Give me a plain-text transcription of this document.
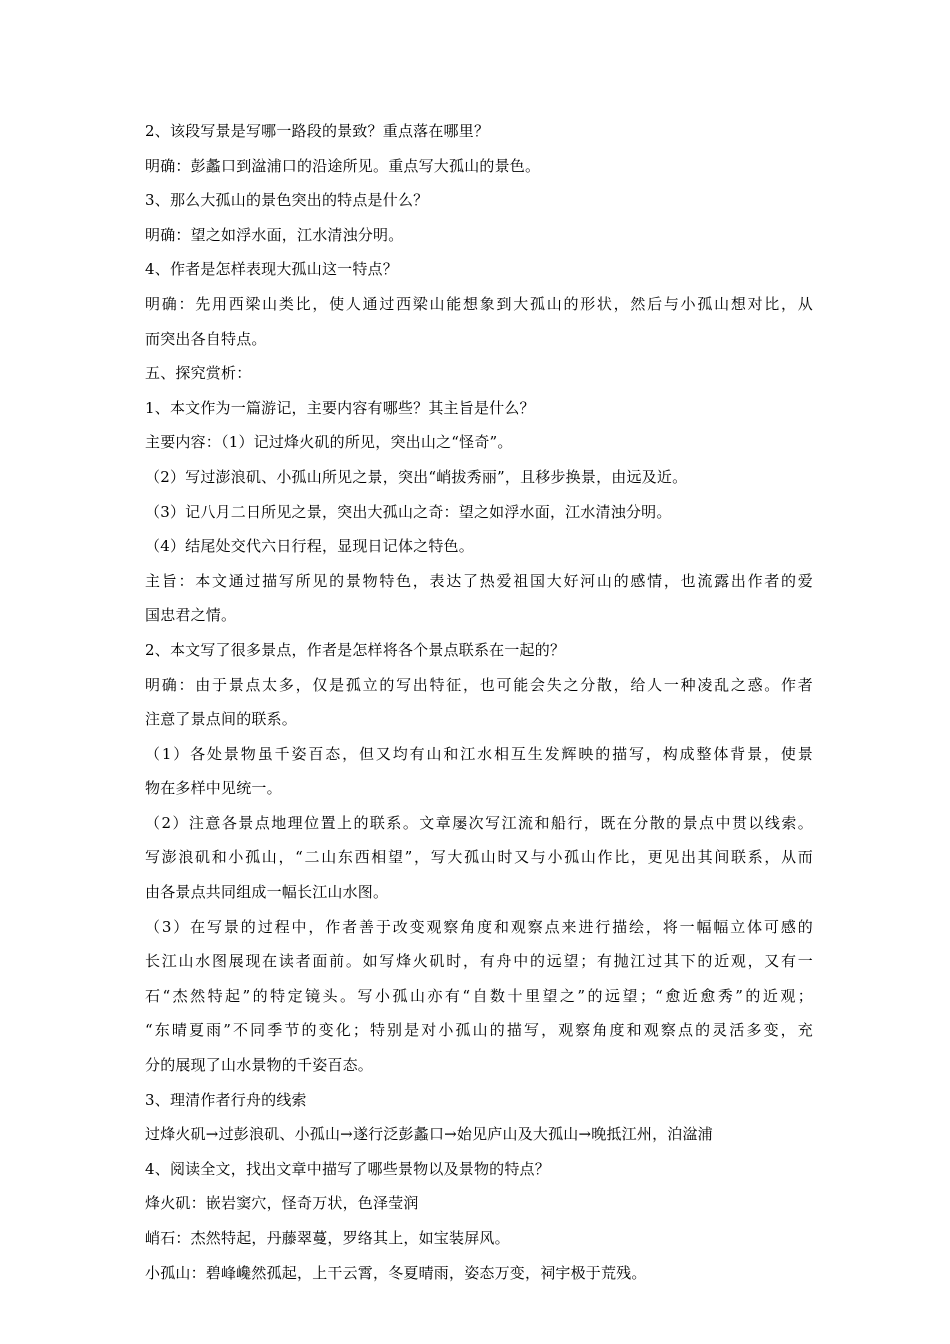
2、该段写景是写哪一路段的景致？重点落在哪里？
明确：彭蠡口到湓浦口的沿途所见。重点写大孤山的景色。
3、那么大孤山的景色突出的特点是什么？
明确：望之如浮水面，江水清浊分明。
4、作者是怎样表现大孤山这一特点？
明确：先用西梁山类比，使人通过西梁山能想象到大孤山的形状，然后与小孤山想对比，从
而突出各自特点。
五、探究赏析：
1、本文作为一篇游记，主要内容有哪些？其主旨是什么？
主要内容：（1）记过烽火矶的所见，突出山之“怪奇”。
（2）写过澎浪矶、小孤山所见之景，突出“峭拔秀丽”，且移步换景，由远及近。
（3）记八月二日所见之景，突出大孤山之奇：望之如浮水面，江水清浊分明。
（4）结尾处交代六日行程，显现日记体之特色。
主旨：本文通过描写所见的景物特色，表达了热爱祖国大好河山的感情，也流露出作者的爱
国忠君之情。
2、本文写了很多景点，作者是怎样将各个景点联系在一起的？
明确：由于景点太多，仅是孤立的写出特征，也可能会失之分散，给人一种凌乱之惑。作者
注意了景点间的联系。
（1）各处景物虽千姿百态，但又均有山和江水相互生发辉映的描写，构成整体背景，使景
物在多样中见统一。
（2）注意各景点地理位置上的联系。文章屡次写江流和船行，既在分散的景点中贯以线索。
写澎浪矶和小孤山，“二山东西相望”，写大孤山时又与小孤山作比，更见出其间联系，从而
由各景点共同组成一幅长江山水图。
（3）在写景的过程中，作者善于改变观察角度和观察点来进行描绘，将一幅幅立体可感的
长江山水图展现在读者面前。如写烽火矶时，有舟中的远望；有抛江过其下的近观，又有一
石“杰然特起”的特定镜头。写小孤山亦有“自数十里望之”的远望；“愈近愈秀”的近观；
“东晴夏雨”不同季节的变化；特别是对小孤山的描写，观察角度和观察点的灵活多变，充
分的展现了山水景物的千姿百态。
3、理清作者行舟的线索
过烽火矶→过彭浪矶、小孤山→遂行泛彭蠡口→始见庐山及大孤山→晚抵江州，泊湓浦
4、阅读全文，找出文章中描写了哪些景物以及景物的特点？
烽火矶：嵌岩窦穴，怪奇万状，色泽莹润
峭石：杰然特起，丹藤翠蔓，罗络其上，如宝装屏风。
小孤山：碧峰巉然孤起，上干云霄，冬夏晴雨，姿态万变，祠宇极于荒残。
